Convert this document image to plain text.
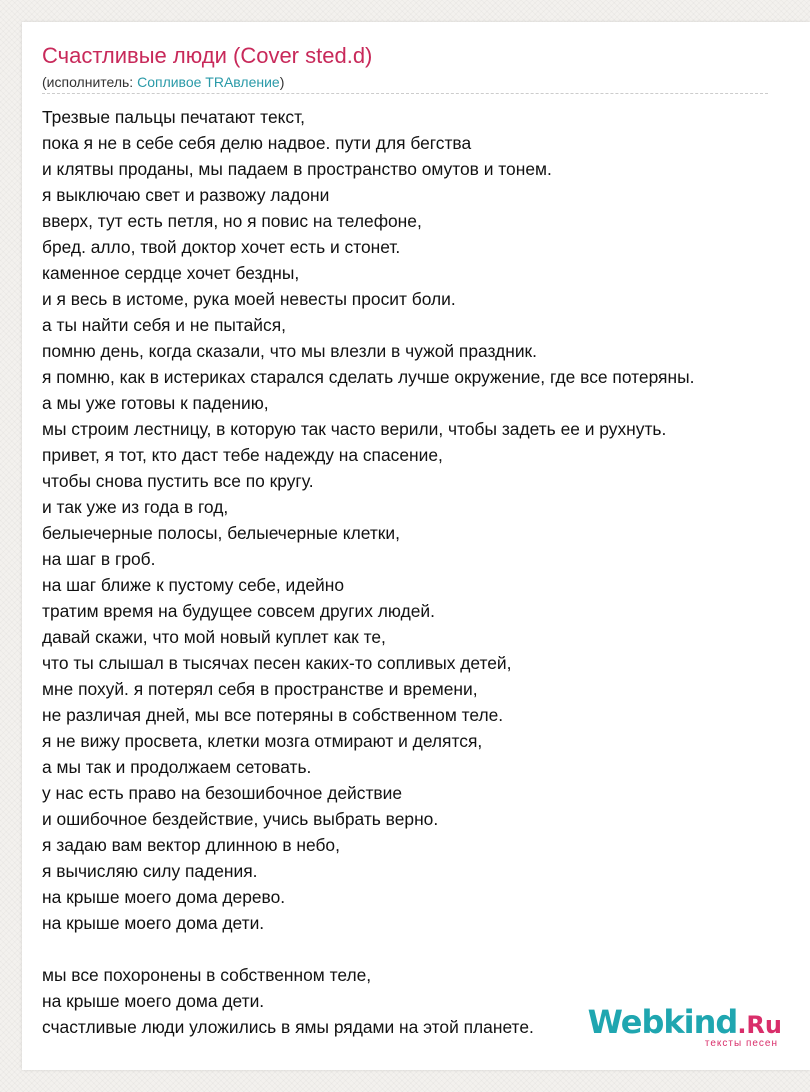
Счастливые люди (Cover sted.d)
(исполнитель: Сопливое TRAвление)
Трезвые пальцы печатают текст,
пока я не в себе себя делю надвое. пути для бегства
и клятвы проданы, мы падаем в пространство омутов и тонем.
я выключаю свет и развожу ладони
вверх, тут есть петля, но я повис на телефоне,
бред. алло, твой доктор хочет есть и стонет.
каменное сердце хочет бездны,
и я весь в истоме, рука моей невесты просит боли.
а ты найти себя и не пытайся,
помню день, когда сказали, что мы влезли в чужой праздник.
я помню, как в истериках старался сделать лучше окружение, где все потеряны.
а мы уже готовы к падению,
мы строим лестницу, в которую так часто верили, чтобы задеть ее и рухнуть.
привет, я тот, кто даст тебе надежду на спасение,
чтобы снова пустить все по кругу.
и так уже из года в год,
белыечерные полосы, белыечерные клетки,
на шаг в гроб.
на шаг ближе к пустому себе, идейно
тратим время на будущее совсем других людей.
давай скажи, что мой новый куплет как те,
что ты слышал в тысячах песен каких-то сопливых детей,
мне похуй. я потерял себя в пространстве и времени,
не различая дней, мы все потеряны в собственном теле.
я не вижу просвета, клетки мозга отмирают и делятся,
а мы так и продолжаем сетовать.
у нас есть право на безошибочное действие
и ошибочное бездействие, учись выбрать верно.
я задаю вам вектор длинною в небо,
я вычисляю силу падения.
на крыше моего дома дерево.
на крыше моего дома дети.
мы все похоронены в собственном теле,
на крыше моего дома дети.
счастливые люди уложились в ямы рядами на этой планете.	Webkind.Ru
тексты песен
